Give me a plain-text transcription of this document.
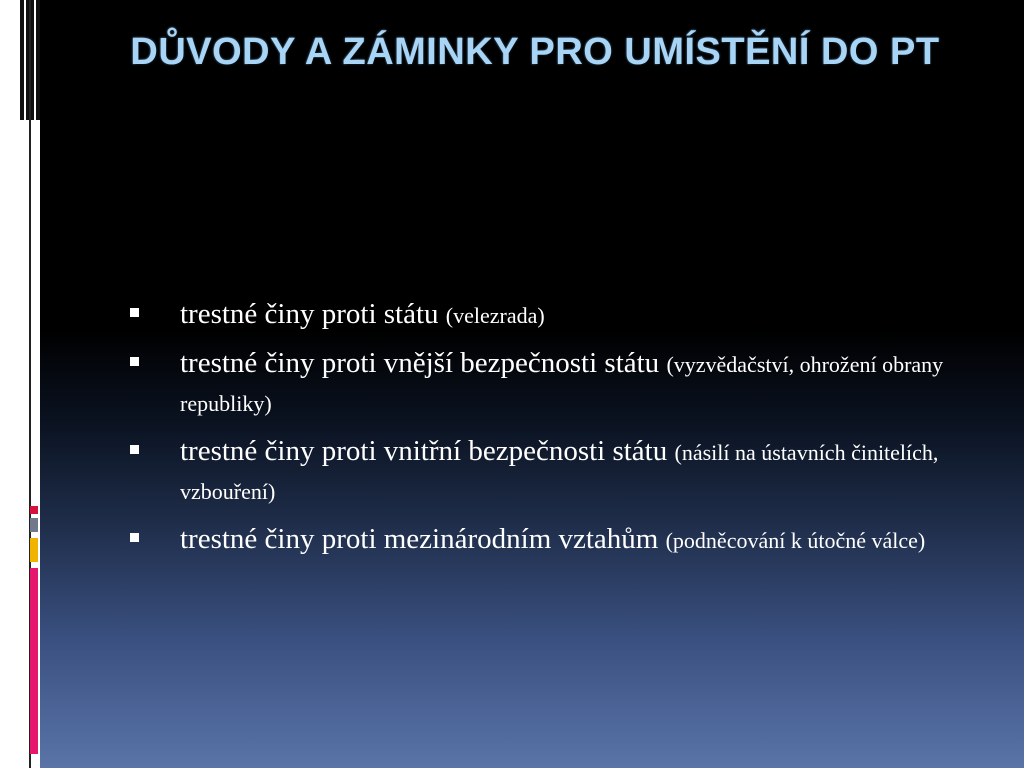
DŮVODY A ZÁMINKY PRO UMÍSTĚNÍ DO PT
trestné činy proti státu (velezrada)
trestné činy proti vnější bezpečnosti státu (vyzvědačství, ohrožení obrany republiky)
trestné činy proti vnitřní bezpečnosti státu (násilí na ústavních činitelích, vzbouření)
trestné činy proti mezinárodním vztahům (podněcování k útočné válce)
